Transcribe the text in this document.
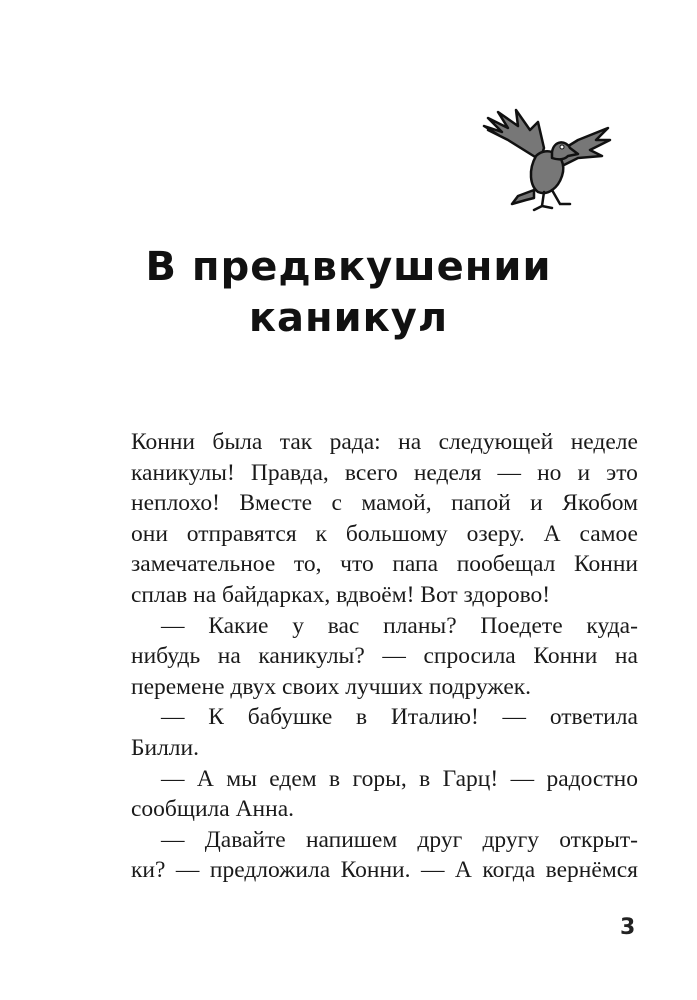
В предвкушении
каникул
Конни была так рада: на следующей неделе
каникулы! Правда, всего неделя — но и это
неплохо! Вместе с мамой, папой и Якобом
они отправятся к большому озеру. А самое
замечательное то, что папа пообещал Конни
сплав на байдарках, вдвоём! Вот здорово!
— Какие у вас планы? Поедете куда-
нибудь на каникулы? — спросила Конни на
перемене двух своих лучших подружек.
— К бабушке в Италию! — ответила
Билли.
— А мы едем в горы, в Гарц! — радостно
сообщила Анна.
— Давайте напишем друг другу открыт-
ки? — предложила Конни. — А когда вернёмся
3
